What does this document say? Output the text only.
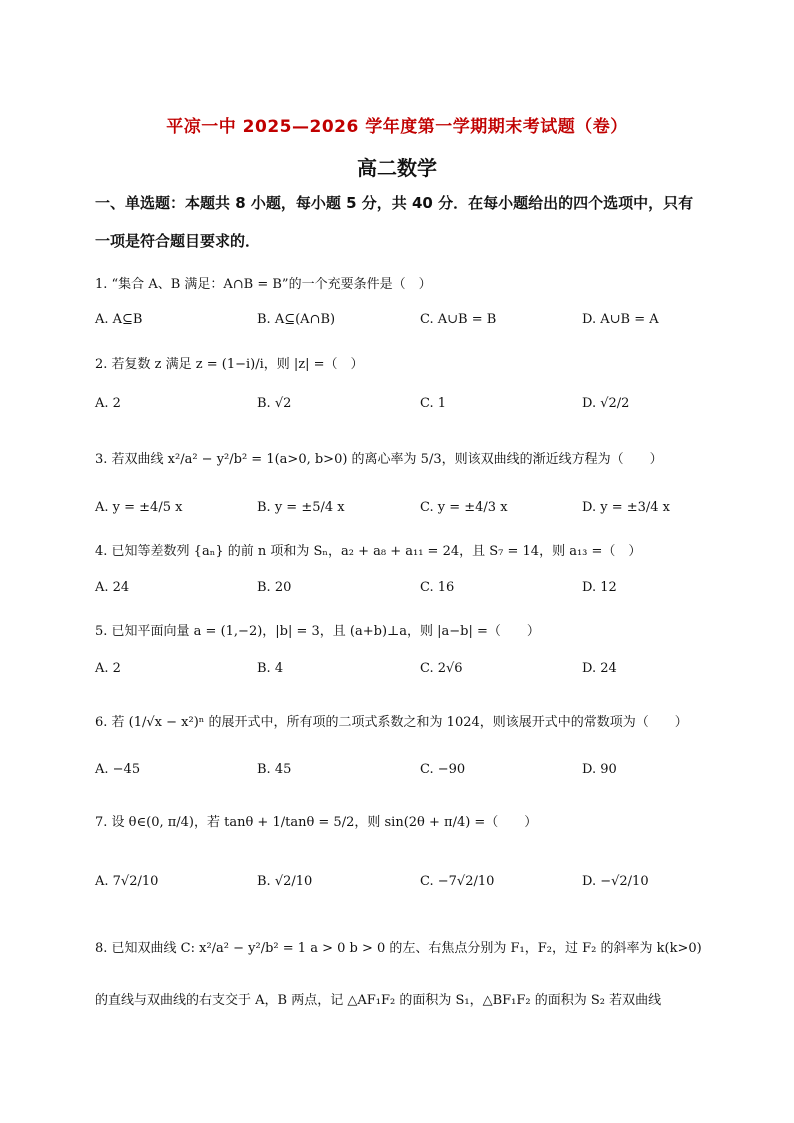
平凉一中 2025—2026 学年度第一学期期末考试题（卷）
高二数学
一、单选题：本题共 8 小题，每小题 5 分，共 40 分．在每小题给出的四个选项中，只有一项是符合题目要求的．
1. “集合 A、B 满足：A∩B = B”的一个充要条件是（　）
A. A⊆B	B. A⊆(A∩B)	C. A∪B = B	D. A∪B = A
2. 若复数 z 满足 z = (1−i)/i，则 |z| =（　）
A. 2	B. √2	C. 1	D. √2/2
3. 若双曲线 x²/a² − y²/b² = 1(a>0, b>0) 的离心率为 5/3，则该双曲线的渐近线方程为（　　）
A. y = ±4/5 x	B. y = ±5/4 x	C. y = ±4/3 x	D. y = ±3/4 x
4. 已知等差数列 {aₙ} 的前 n 项和为 Sₙ，a₂ + a₈ + a₁₁ = 24，且 S₇ = 14，则 a₁₃ =（　）
A. 24	B. 20	C. 16	D. 12
5. 已知平面向量 a = (1,−2)，|b| = 3，且 (a+b)⊥a，则 |a−b| =（　　）
A. 2	B. 4	C. 2√6	D. 24
6. 若 (1/√x − x²)ⁿ 的展开式中，所有项的二项式系数之和为 1024，则该展开式中的常数项为（　　）
A. −45	B. 45	C. −90	D. 90
7. 设 θ∈(0, π/4)，若 tanθ + 1/tanθ = 5/2，则 sin(2θ + π/4) =（　　）
A. 7√2/10	B. √2/10	C. −7√2/10	D. −√2/10
8. 已知双曲线 C: x²/a² − y²/b² = 1 a > 0 b > 0 的左、右焦点分别为 F₁，F₂，过 F₂ 的斜率为 k(k>0)
的直线与双曲线的右支交于 A，B 两点，记 △AF₁F₂ 的面积为 S₁，△BF₁F₂ 的面积为 S₂ 若双曲线
